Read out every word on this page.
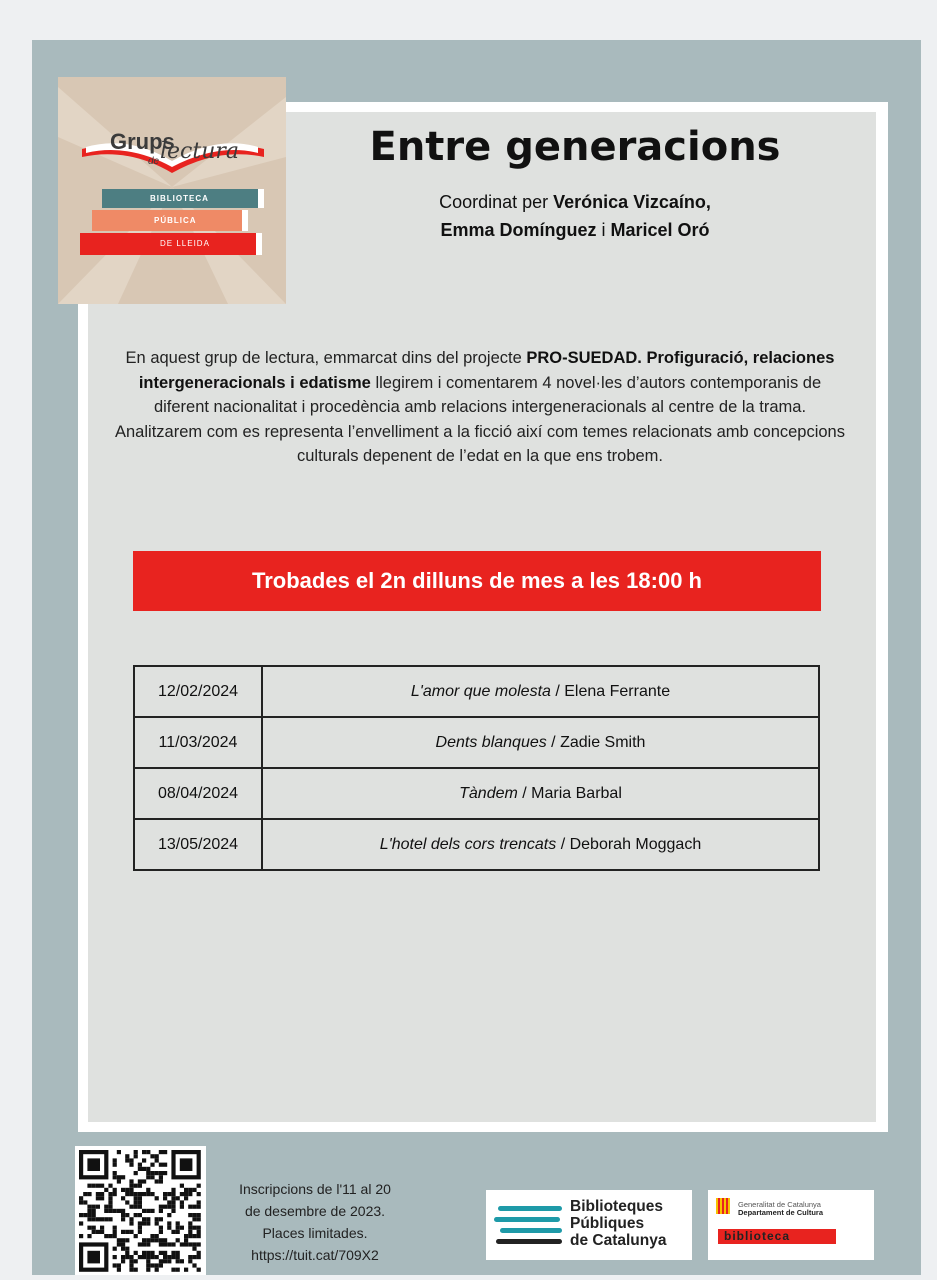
Grups
de lectura
BIBLIOTECA
PÚBLICA
DE LLEIDA
Entre generacions
Coordinat per Verónica Vizcaíno,
Emma Domínguez i Maricel Oró
En aquest grup de lectura, emmarcat dins del projecte PRO-SUEDAD. Profiguració, relaciones intergeneracionals i edatisme llegirem i comentarem 4 novel·les d’autors contemporanis de diferent nacionalitat i procedència amb relacions intergeneracionals al centre de la trama. Analitzarem com es representa l’envelliment a la ficció així com temes relacionats amb concepcions culturals depenent de l’edat en la que ens trobem.
Trobades el 2n dilluns de mes a les 18:00 h
12/02/2024	L'amor que molesta / Elena Ferrante
11/03/2024	Dents blanques / Zadie Smith
08/04/2024	Tàndem / Maria Barbal
13/05/2024	L'hotel dels cors trencats / Deborah Moggach
Inscripcions de l'11 al 20
de desembre de 2023.
Places limitades.
https://tuit.cat/709X2
Biblioteques
Públiques
de Catalunya
Generalitat de Catalunya
Departament de Cultura
biblioteca
